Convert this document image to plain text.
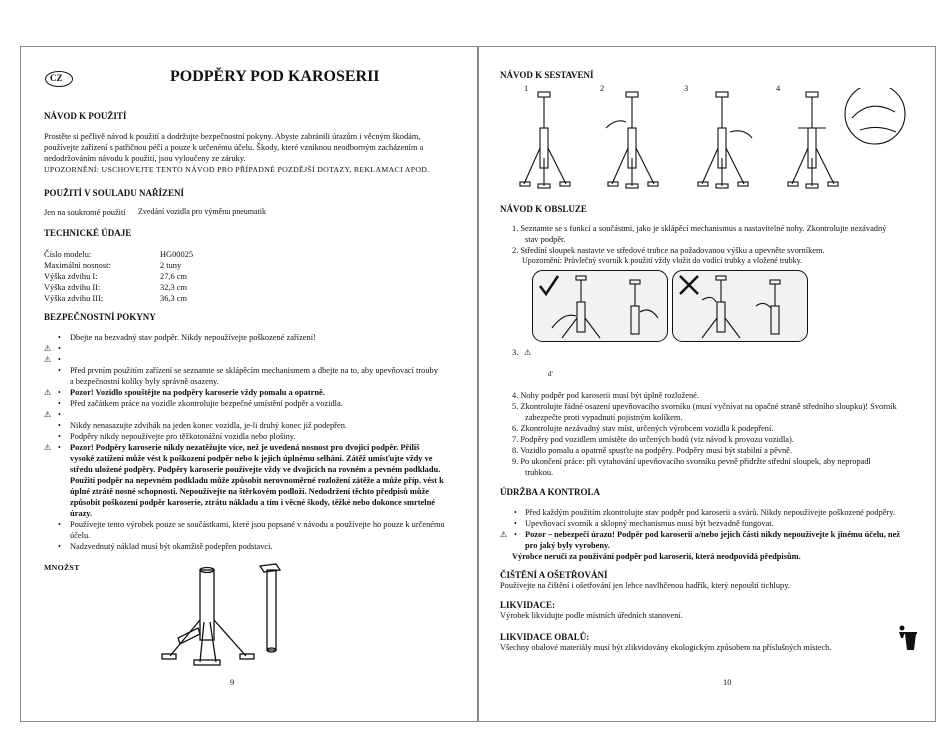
CZ	PODPĚRY POD KAROSERII
NÁVOD K POUŽITÍ
Prostěte si pečlivě návod k použití a dodržujte bezpečnostní pokyny. Abyste zabránili úrazům i věcným škodám,
používejte zařízení s patřičnou péčí a pouze k určenému účelu. Škody, které vzniknou neodborným zacházením a
nedodržováním návodu k použití, jsou vyloučeny ze záruky.
UPOZORNĚNÍ: USCHOVEJTE TENTO NÁVOD PRO PŘÍPADNÉ POZDĚJŠÍ DOTAZY, REKLAMACI APOD.
POUŽITÍ V SOULADU NAŘÍZENÍ
Jen na soukromé použití Zvedání vozidla pro výměnu pneumatik
TECHNICKÉ ÚDAJE
Číslo modelu:	HG00025
Maximální nosnost:	2 tuny
Výška zdvihu I:	27,6 cm
Výška zdvihu II:	32,3 cm
Výška zdvihu III:	36,3 cm
BEZPEČNOSTNÍ POKYNY
• Dbejte na bezvadný stav podpěr. Nikdy nepoužívejte poškozené zařízení!
⚠ •
⚠ •
• Před prvním použitím zařízení se seznamte se sklápěcím mechanismem a dbejte na to, aby upevňovací trouby
a bezpečnostní kolíky byly správně osazeny.
⚠ • Pozor! Vozidlo spouštějte na podpěry karoserie vždy pomalu a opatrně.
• Před začátkem práce na vozidle zkontrolujte bezpečné umístění podpěr a vozidla.
⚠ •
• Nikdy nenasazujte zdvihák na jeden konec vozidla, je-li druhý konec již podepřen.
• Podpěry nikdy nepoužívejte pro těžkotonážní vozidla nebo plošiny.
⚠ • Pozor! Podpěry karoserie nikdy nezatěžujte více, než je uvedená nosnost pro dvojici podpěr. Příliš
vysoké zatížení může vést k poškození podpěr nebo k jejich úplnému selhání. Zátěž umísťujte vždy ve
středu uložené podpěry. Podpěry karoserie používejte vždy ve dvojicích na rovném a pevném podkladu.
Použití podpěr na nepevném podkladu může způsobit nerovnoměrné rozložení zátěže a může příp. vést k
úplné ztrátě nosné schopnosti. Nepoužívejte na štěrkovém podloží. Nedodržení těchto předpisů může
způsobit poškození podpěr karoserie, ztrátu nákladu a tím i věcné škody, těžké nebo dokonce smrtelné
úrazy.
• Používejte tento výrobek pouze se součástkami, které jsou popsané v návodu a používejte ho pouze k určenému
účelu.
• Nadzvednutý náklad musí být okamžitě podepřen podstavci.
MNOŽST
9
NÁVOD K SESTAVENÍ
1	2	3	4
NÁVOD K OBSLUZE
1. Seznamte se s funkcí a součástmi, jako je sklápěcí mechanismus a nastavitelné nohy. Zkontrolujte nezávadný
stav podpěr.
2. Středíní sloupek nastavte ve středové trubce na požadovanou výšku a upevněte svorníkem.
Upozornění: Průvlečný svorník k použití vždy vložit do vodící trubky a vložené trubky.
3. ⚠
d'
4. Nohy podpěr pod karoserii musí být úplně rozložené.
5. Zkontrolujte řádné osazení upevňovacího svorníku (musí vyčnívat na opačné straně středního sloupku)! Svorník
zabezpečte proti vypadnutí pojistným kolíkem.
6. Zkontrolujte nezávadný stav míst, určených výrobcem vozidla k podepření.
7. Podpěry pod vozidlem umístěte do určených bodů (viz návod k provozu vozidla).
8. Vozidlo pomalu a opatrně spusťte na podpěry. Podpěry musí být stabilní a pěvně.
9. Po ukončení práce: při vytahování upevňovacího svorníku pevně přidržte střední sloupek, aby nepropadl
trubkou.
ÚDRŽBA A KONTROLA
• Před každým použitím zkontrolujte stav podpěr pod karoserii a svárů. Nikdy nepoužívejte poškozené podpěry.
• Upevňovací svorník a sklopný mechanismus musí být bezvadně fungovat.
⚠ • Pozor – nebezpečí úrazu! Podpěr pod karoserii a/nebo jejich části nikdy nepoužívejte k jinému účelu, než
pro jaký byly vyrobeny.
Výrobce neručí za používání podpěr pod karoserií, která neodpovídá předpisům.
ČIŠTĚNÍ A OŠETŘOVÁNÍ
Používejte na čištění i ošetřování jen lehce navlhčenou hadřík, který nepouští tichlupy.
LIKVIDACE:
Výrobek likvidujte podle místních úředních stanovení.
LIKVIDACE OBALŮ:
Všechny obalové materiály musí být zlikvidovány ekologickým způsobem na příslušných místech.
10
